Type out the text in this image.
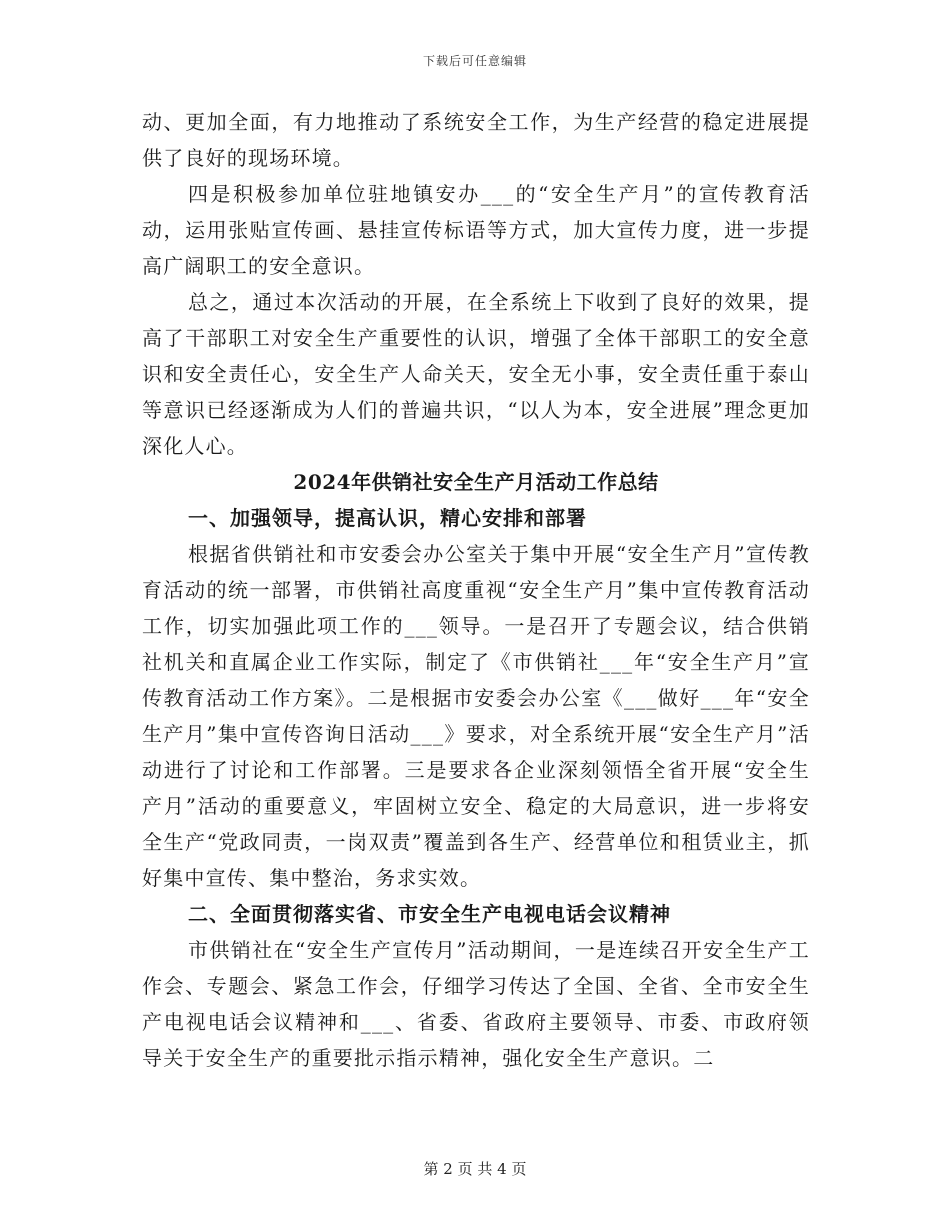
下载后可任意编辑

动、更加全面，有力地推动了系统安全工作，为生产经营的稳定进展提供了良好的现场环境。

四是积极参加单位驻地镇安办___的“安全生产月”的宣传教育活动，运用张贴宣传画、悬挂宣传标语等方式，加大宣传力度，进一步提高广阔职工的安全意识。

总之，通过本次活动的开展，在全系统上下收到了良好的效果，提高了干部职工对安全生产重要性的认识，增强了全体干部职工的安全意识和安全责任心，安全生产人命关天，安全无小事，安全责任重于泰山等意识已经逐渐成为人们的普遍共识，“以人为本，安全进展”理念更加深化人心。

2024年供销社安全生产月活动工作总结

一、加强领导，提高认识，精心安排和部署

根据省供销社和市安委会办公室关于集中开展“安全生产月”宣传教育活动的统一部署，市供销社高度重视“安全生产月”集中宣传教育活动工作，切实加强此项工作的___领导。一是召开了专题会议，结合供销社机关和直属企业工作实际，制定了《市供销社___年“安全生产月”宣传教育活动工作方案》。二是根据市安委会办公室《___做好___年“安全生产月”集中宣传咨询日活动___》要求，对全系统开展“安全生产月”活动进行了讨论和工作部署。三是要求各企业深刻领悟全省开展“安全生产月”活动的重要意义，牢固树立安全、稳定的大局意识，进一步将安全生产“党政同责，一岗双责”覆盖到各生产、经营单位和租赁业主，抓好集中宣传、集中整治，务求实效。

二、全面贯彻落实省、市安全生产电视电话会议精神

市供销社在“安全生产宣传月”活动期间，一是连续召开安全生产工作会、专题会、紧急工作会，仔细学习传达了全国、全省、全市安全生产电视电话会议精神和___、省委、省政府主要领导、市委、市政府领导关于安全生产的重要批示指示精神，强化安全生产意识。二

第 2 页 共 4 页
